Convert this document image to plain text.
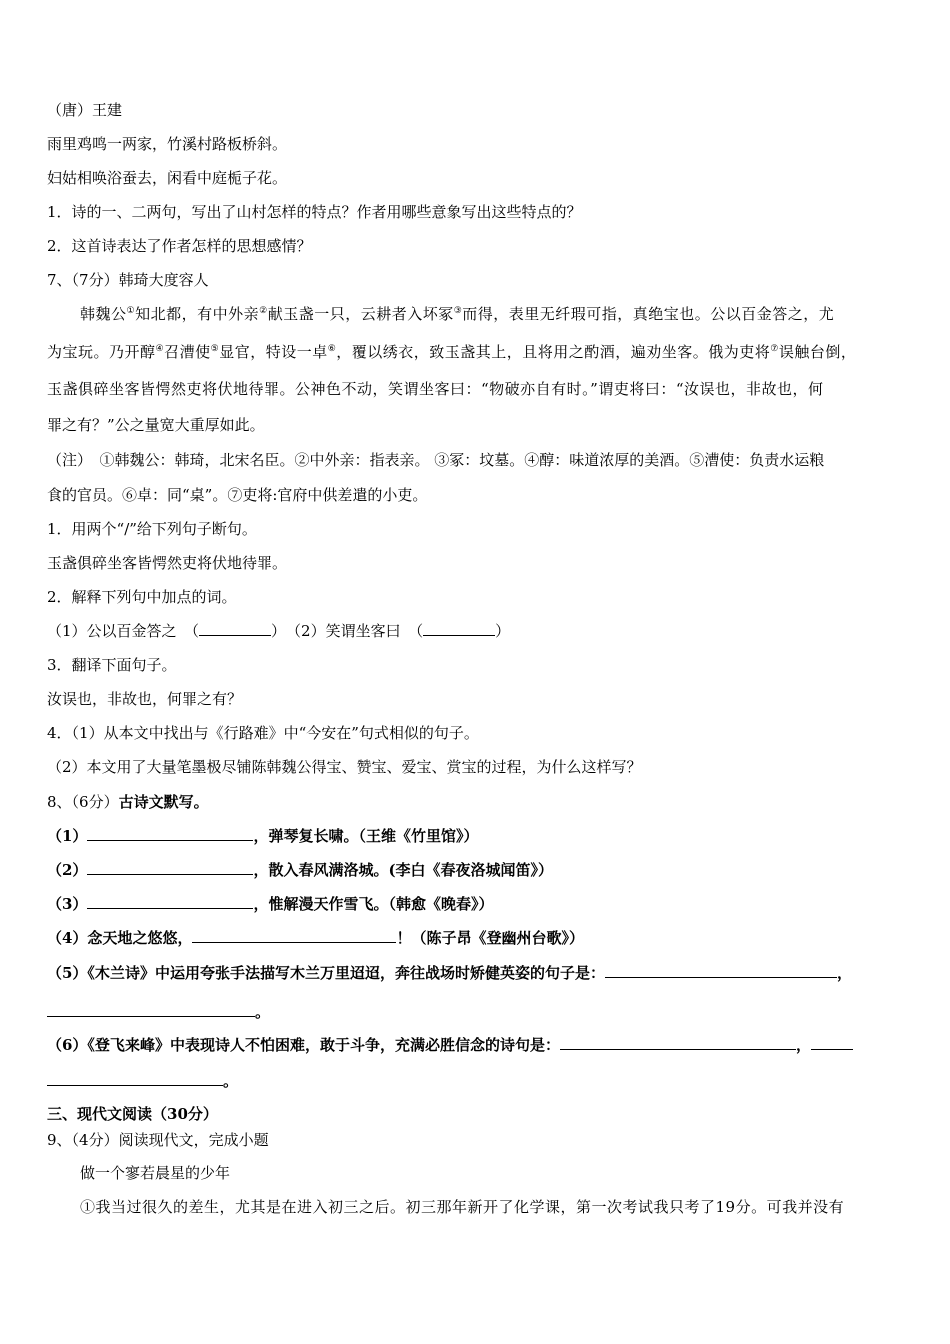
（唐）王建
雨里鸡鸣一两家，竹溪村路板桥斜。
妇姑相唤浴蚕去，闲看中庭栀子花。
1．诗的一、二两句，写出了山村怎样的特点？作者用哪些意象写出这些特点的？
2．这首诗表达了作者怎样的思想感情？
7、（7分）韩琦大度容人
韩魏公①知北都，有中外亲②献玉盏一只，云耕者入坏冢③而得，表里无纤瑕可指，真绝宝也。公以百金答之，尤
为宝玩。乃开醇④召漕使⑤显官，特设一卓⑥，覆以绣衣，致玉盏其上，且将用之酌酒，遍劝坐客。俄为吏将⑦误触台倒，
玉盏俱碎坐客皆愕然吏将伏地待罪。公神色不动，笑谓坐客曰：“物破亦自有时。”谓吏将曰：“汝误也，非故也，何
罪之有？”公之量宽大重厚如此。
（注）　①韩魏公：韩琦，北宋名臣。②中外亲：指表亲。 ③冢：坟墓。④醇：味道浓厚的美酒。⑤漕使：负责水运粮
食的官员。⑥卓：同“桌”。⑦吏将:官府中供差遣的小吏。
1．用两个“/”给下列句子断句。
玉盏俱碎坐客皆愕然吏将伏地待罪。
2．解释下列句中加点的词。
（1）公以百金答之　（	）　（2）笑谓坐客曰　（	）
3．翻译下面句子。
汝误也，非故也，何罪之有？
4．（1）从本文中找出与《行路难》中“今安在”句式相似的句子。
（2）本文用了大量笔墨极尽铺陈韩魏公得宝、赞宝、爱宝、赏宝的过程，为什么这样写？
8、（6分）古诗文默写。
（1）	，弹琴复长啸。（王维《竹里馆》）
（2）	，散入春风满洛城。(李白《春夜洛城闻笛》）
（3）	，惟解漫天作雪飞。（韩愈《晚春》）
（4）念天地之悠悠，	！（陈子昂《登幽州台歌》）
（5）《木兰诗》中运用夸张手法描写木兰万里迢迢，奔往战场时矫健英姿的句子是：	，
。
（6）《登飞来峰》中表现诗人不怕困难，敢于斗争，充满必胜信念的诗句是：	，
。
三、现代文阅读（30分）
9、（4分）阅读现代文，完成小题
做一个寥若晨星的少年
①我当过很久的差生，尤其是在进入初三之后。初三那年新开了化学课，第一次考试我只考了19分。可我并没有
